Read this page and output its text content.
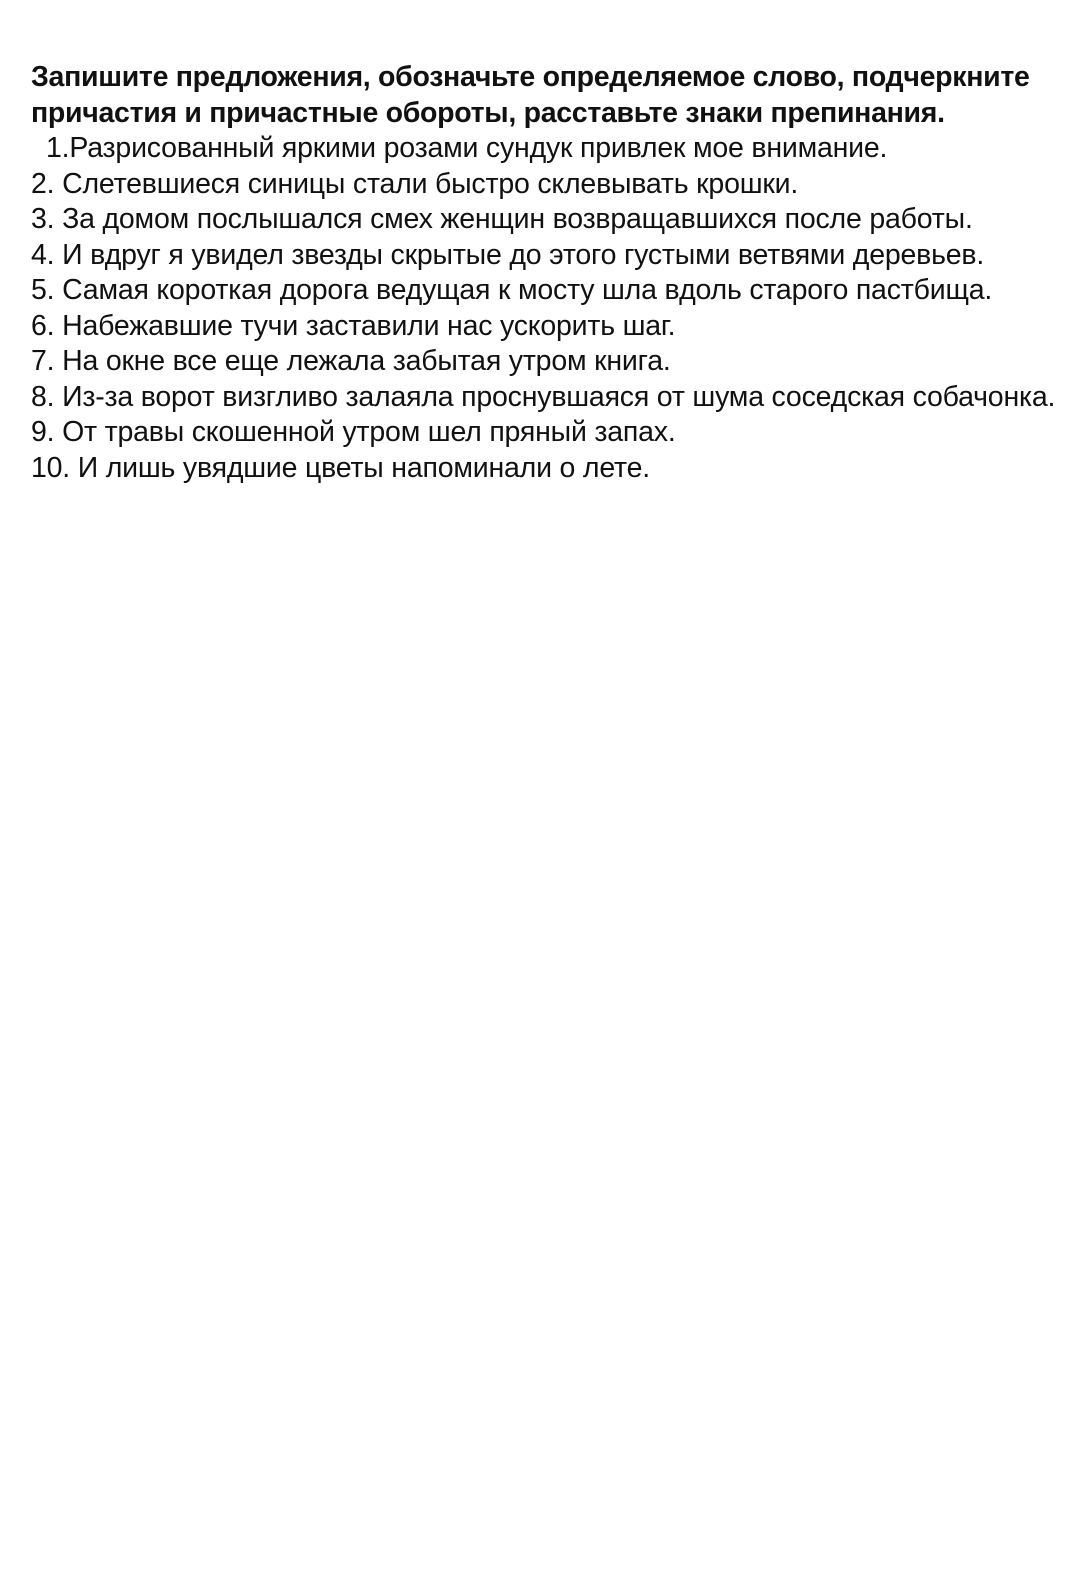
Запишите предложения, обозначьте определяемое слово, подчеркните причастия и причастные обороты, расставьте знаки препинания.

1.Разрисованный яркими розами сундук привлек мое внимание.
2. Слетевшиеся синицы стали быстро склевывать крошки.
3. За домом послышался смех женщин возвращавшихся после работы.
4. И вдруг я увидел звезды скрытые до этого густыми ветвями деревьев.
5. Самая короткая дорога ведущая к мосту шла вдоль старого пастбища.
6. Набежавшие тучи заставили нас ускорить шаг.
7. На окне все еще лежала забытая утром книга.
8. Из-за ворот визгливо залаяла проснувшаяся от шума соседская собачонка.
9. От травы скошенной утром шел пряный запах.
10. И лишь увядшие цветы напоминали о лете.
